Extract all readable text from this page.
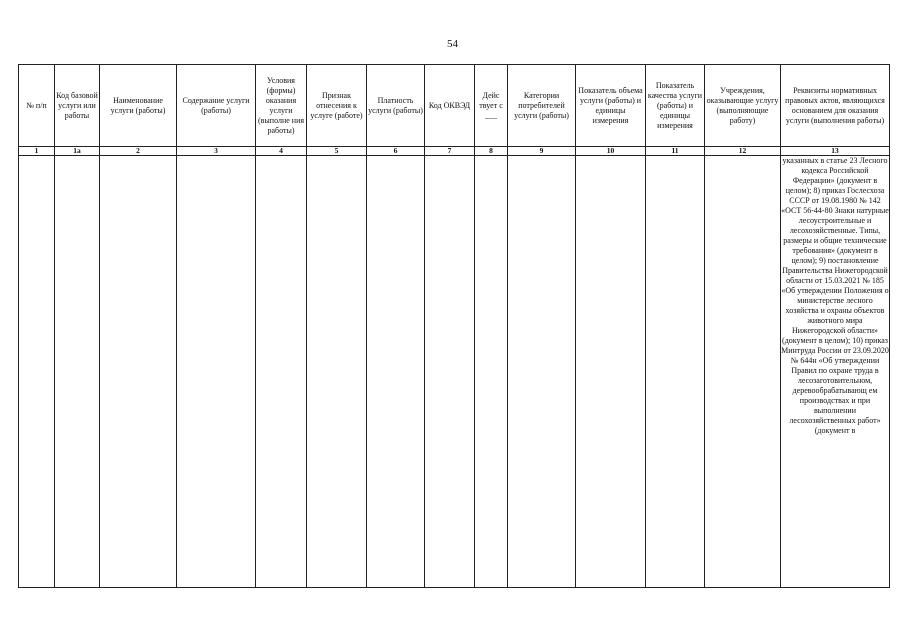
54
№ п/п	Код базовой услуги или работы	Наименование услуги (работы)	Содержание услуги (работы)	Условия (формы) оказания услуги (выполне ния работы)	Признак отнесения к услуге (работе)	Платность услуги (работы)	Код ОКВЭД	Дейс твует с ___	Категории потребителей услуги (работы)	Показатель объема услуги (работы) и единицы измерения	Показатель качества услуги (работы) и единицы измерения	Учреждения, оказывающие услугу (выполняющие работу)	Реквизиты нормативных правовых актов, являющихся основанием для оказания услуги (выполнения работы)
1	1а	2	3	4	5	6	7	8	9	10	11	12	13
													указанных в статье 23 Лесного кодекса Российской Федерации» (документ в целом); 8) приказ Гослесхоза СССР от 19.08.1980 № 142 «ОСТ 56-44-80 Знаки натурные лесоустроительные и лесохозяйственные. Типы, размеры и общие технические требования» (документ в целом); 9) постановление Правительства Нижегородской области от 15.03.2021 № 185 «Об утверждении Положения о министерстве лесного хозяйства и охраны объектов животного мира Нижегородской области» (документ в целом); 10) приказ Минтруда России от 23.09.2020 № 644н «Об утверждении Правил по охране труда в лесозаготовительном, деревообрабатывающ ем производствах и при выполнении лесохозяйственных работ» (документ в
